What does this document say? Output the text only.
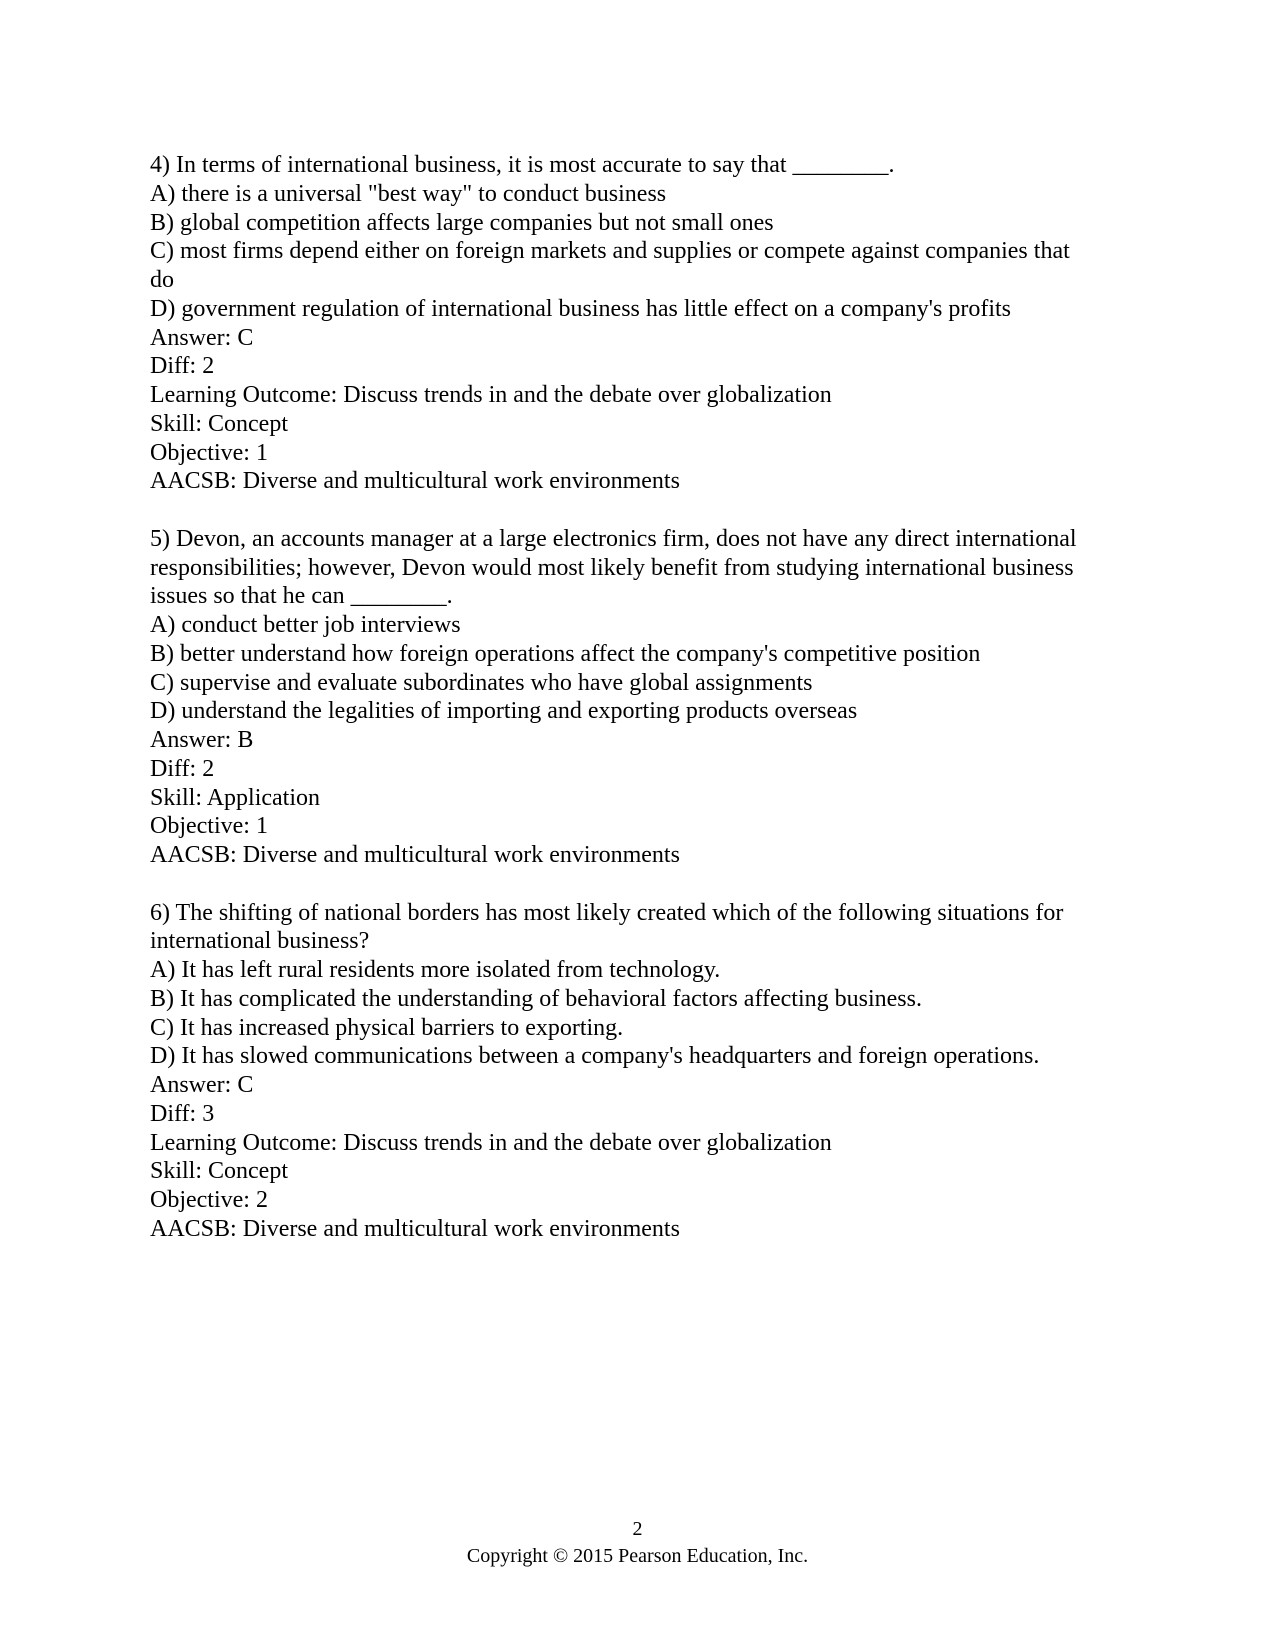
4) In terms of international business, it is most accurate to say that ________.
A) there is a universal "best way" to conduct business
B) global competition affects large companies but not small ones
C) most firms depend either on foreign markets and supplies or compete against companies that do
D) government regulation of international business has little effect on a company's profits
Answer: C
Diff: 2
Learning Outcome: Discuss trends in and the debate over globalization
Skill: Concept
Objective: 1
AACSB: Diverse and multicultural work environments
5) Devon, an accounts manager at a large electronics firm, does not have any direct international responsibilities; however, Devon would most likely benefit from studying international business issues so that he can ________.
A) conduct better job interviews
B) better understand how foreign operations affect the company's competitive position
C) supervise and evaluate subordinates who have global assignments
D) understand the legalities of importing and exporting products overseas
Answer: B
Diff: 2
Skill: Application
Objective: 1
AACSB: Diverse and multicultural work environments
6) The shifting of national borders has most likely created which of the following situations for international business?
A) It has left rural residents more isolated from technology.
B) It has complicated the understanding of behavioral factors affecting business.
C) It has increased physical barriers to exporting.
D) It has slowed communications between a company's headquarters and foreign operations.
Answer: C
Diff: 3
Learning Outcome: Discuss trends in and the debate over globalization
Skill: Concept
Objective: 2
AACSB: Diverse and multicultural work environments
2
Copyright © 2015 Pearson Education, Inc.
